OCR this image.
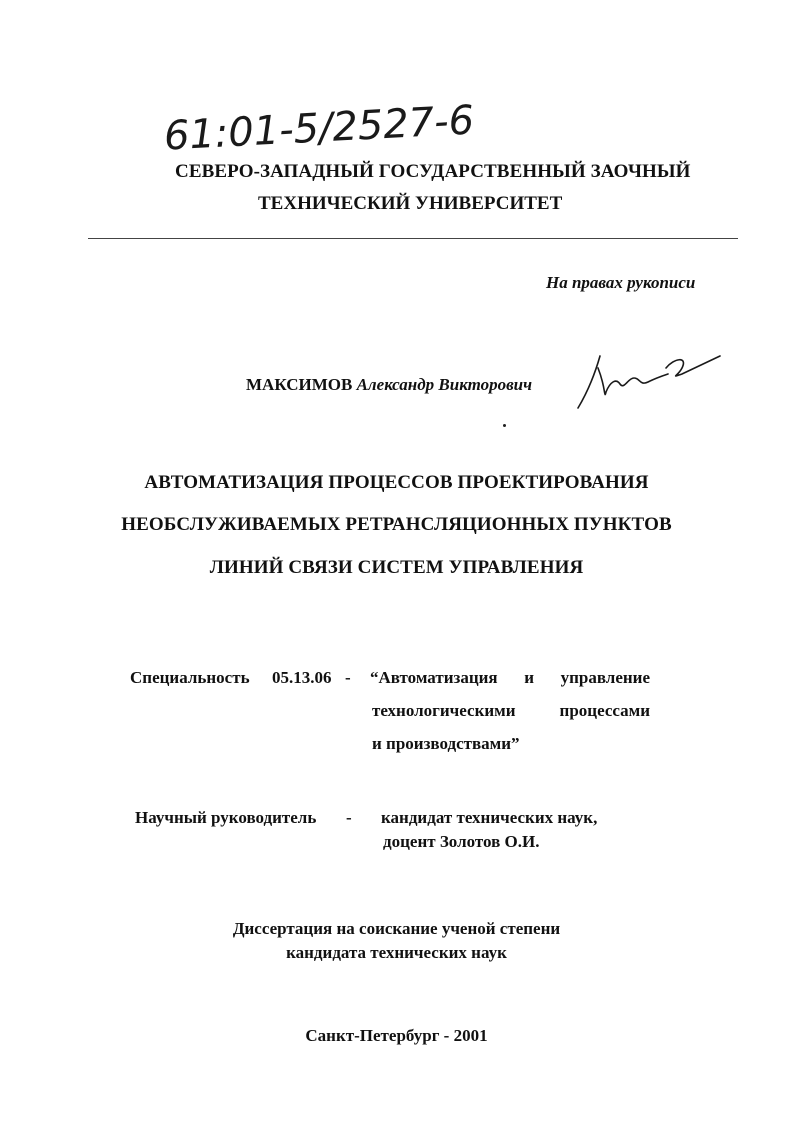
61:01-5/2527-6
СЕВЕРО-ЗАПАДНЫЙ ГОСУДАРСТВЕННЫЙ ЗАОЧНЫЙ
ТЕХНИЧЕСКИЙ УНИВЕРСИТЕТ
На правах рукописи
МАКСИМОВ Александр Викторович
АВТОМАТИЗАЦИЯ ПРОЦЕССОВ ПРОЕКТИРОВАНИЯ
НЕОБСЛУЖИВАЕМЫХ РЕТРАНСЛЯЦИОННЫХ ПУНКТОВ
ЛИНИЙ СВЯЗИ СИСТЕМ УПРАВЛЕНИЯ
Специальность 05.13.06 - “Автоматизация и управление
технологическими процессами
и производствами”
Научный руководитель - кандидат технических наук,
доцент Золотов О.И.
Диссертация на соискание ученой степени
кандидата технических наук
Санкт-Петербург - 2001
